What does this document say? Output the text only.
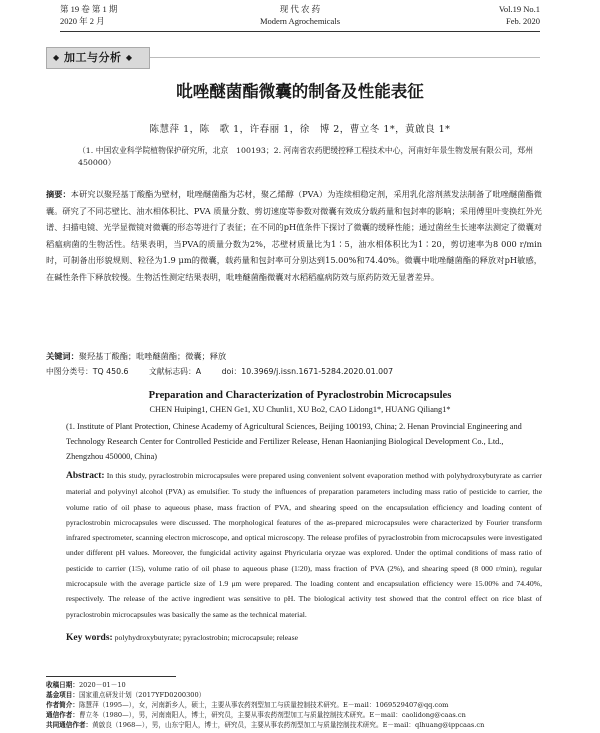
第 19 卷 第 1 期
2020 年 2 月
现 代 农 药
Modern Agrochemicals
Vol.19 No.1
Feb. 2020
◆ 加工与分析 ◆
吡唑醚菌酯微囊的制备及性能表征
陈慧萍 1，陈　歌 1，许春丽 1，徐　博 2，曹立冬 1*，黄啟良 1*
（1. 中国农业科学院植物保护研究所，北京　100193；2. 河南省农药肥缓控释工程技术中心，河南好年景生物发展有限公司，郑州　450000）
摘要：本研究以聚羟基丁酸酯为壁材，吡唑醚菌酯为芯材，聚乙烯醇（PVA）为连续相稳定剂，采用乳化溶剂蒸发法制备了吡唑醚菌酯微囊。研究了不同芯壁比、油水相体积比、PVA 质量分数、剪切速度等参数对微囊有效成分载药量和包封率的影响；采用傅里叶变换红外光谱、扫描电镜、光学显微镜对微囊的形态等进行了表征；在不同的pH值条件下探讨了微囊的缓释性能；通过菌丝生长速率法测定了微囊对稻瘟病菌的生物活性。结果表明，当PVA的质量分数为2%，芯壁材质量比为1∶5，油水相体积比为1∶20，剪切速率为8 000 r/min时，可制备出形貌规则、粒径为1.9 μm的微囊，载药量和包封率可分别达到15.00%和74.40%。微囊中吡唑醚菌酯的释放对pH敏感，在碱性条件下释放较慢。生物活性测定结果表明，吡唑醚菌酯微囊对水稻稻瘟病防效与原药防效无显著差异。
关键词：聚羟基丁酸酯；吡唑醚菌酯；微囊；释放
中图分类号：TQ 450.6	文献标志码：A	doi：10.3969/j.issn.1671-5284.2020.01.007
Preparation and Characterization of Pyraclostrobin Microcapsules
CHEN Huiping1, CHEN Ge1, XU Chunli1, XU Bo2, CAO Lidong1*, HUANG Qiliang1*
(1. Institute of Plant Protection, Chinese Academy of Agricultural Sciences, Beijing 100193, China; 2. Henan Provincial Engineering and Technology Research Center for Controlled Pesticide and Fertilizer Release, Henan Haonianjing Biological Development Co., Ltd., Zhengzhou 450000, China)
Abstract: In this study, pyraclostrobin microcapsules were prepared using convenient solvent evaporation method with polyhydroxybutyrate as carrier material and polyvinyl alcohol (PVA) as emulsifier. To study the influences of preparation parameters including mass ratio of pesticide to carrier, the volume ratio of oil phase to aqueous phase, mass fraction of PVA, and shearing speed on the encapsulation efficiency and loading content of pyraclostrobin microcapsules were discussed. The morphological features of the as-prepared microcapsules were characterized by Fourier transform infrared spectrometer, scanning electron microscope, and optical microscopy. The release profiles of pyraclostrobin from microcapsules were investigated under different pH values. Moreover, the fungicidal activity against Phyricularia oryzae was explored. Under the optimal conditions of mass ratio of pesticide to carrier (1∶5), volume ratio of oil phase to aqueous phase (1∶20), mass fraction of PVA (2%), and shearing speed (8 000 r/min), regular microcapsule with the average particle size of 1.9 μm were prepared. The loading content and encapsulation efficiency were 15.00% and 74.40%, respectively. The release of the active ingredient was sensitive to pH. The biological activity test showed that the control effect on rice blast of pyraclostrobin microcapsules was basically the same as the technical material.
Key words: polyhydroxybutyrate; pyraclostrobin; microcapsule; release
收稿日期：2020－01－10
基金项目：国家重点研发计划（2017YFD0200300）
作者简介：陈慧萍（1995—），女，河南新乡人，硕士，主要从事农药剂型加工与质量控制技术研究。E－mail：1069529407@qq.com
通信作者：曹立冬（1980—），男，河南南阳人，博士，研究员，主要从事农药剂型加工与质量控制技术研究。E－mail：caolidong@caas.cn
共同通信作者：黄啟良（1968—），男，山东宁阳人，博士，研究员，主要从事农药剂型加工与质量控制技术研究。E－mail：qlhuang@ippcaas.cn
